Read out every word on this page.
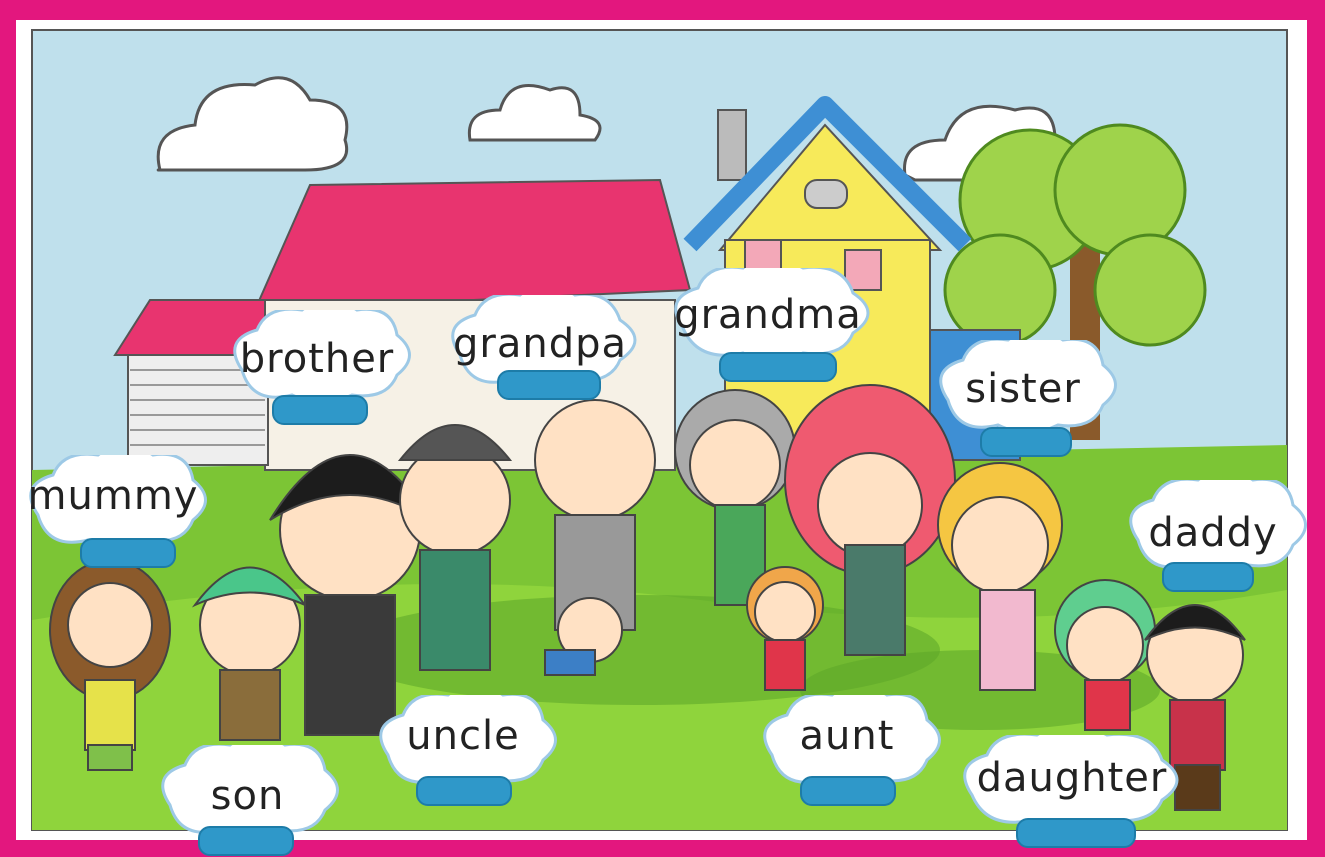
brother	grandpa
grandma
sister
mummy
daddy
uncle	aunt
son	daughter
